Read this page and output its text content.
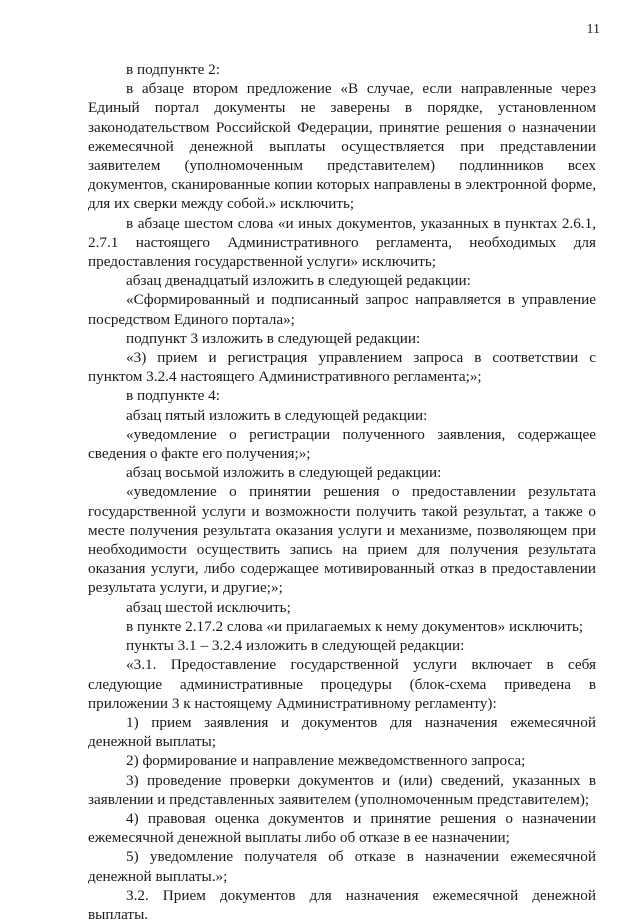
11

в подпункте 2:

в абзаце втором предложение «В случае, если направленные через Единый портал документы не заверены в порядке, установленном законодательством Российской Федерации, принятие решения о назначении ежемесячной денежной выплаты осуществляется при представлении заявителем (уполномоченным представителем) подлинников всех документов, сканированные копии которых направлены в электронной форме, для их сверки между собой.» исключить;

в абзаце шестом слова «и иных документов, указанных в пунктах 2.6.1, 2.7.1 настоящего Административного регламента, необходимых для предоставления государственной услуги» исключить;

абзац двенадцатый изложить в следующей редакции:

«Сформированный и подписанный запрос направляется в управление посредством Единого портала»;

подпункт 3 изложить в следующей редакции:

«3) прием и регистрация управлением запроса в соответствии с пунктом 3.2.4 настоящего Административного регламента;»;

в подпункте 4:

абзац пятый изложить в следующей редакции:

«уведомление о регистрации полученного заявления, содержащее сведения о факте его получения;»;

абзац восьмой изложить в следующей редакции:

«уведомление о принятии решения о предоставлении результата государственной услуги и возможности получить такой результат, а также о месте получения результата оказания услуги и механизме, позволяющем при необходимости осуществить запись на прием для получения результата оказания услуги, либо содержащее мотивированный отказ в предоставлении результата услуги, и другие;»;

абзац шестой исключить;

в пункте 2.17.2 слова «и прилагаемых к нему документов» исключить;

пункты 3.1 – 3.2.4 изложить в следующей редакции:

«3.1. Предоставление государственной услуги включает в себя следующие административные процедуры (блок-схема приведена в приложении 3 к настоящему Административному регламенту):

1) прием заявления и документов для назначения ежемесячной денежной выплаты;

2) формирование и направление межведомственного запроса;

3) проведение проверки документов и (или) сведений, указанных в заявлении и представленных заявителем (уполномоченным представителем);

4) правовая оценка документов и принятие решения о назначении ежемесячной денежной выплаты либо об отказе в ее назначении;

5) уведомление получателя об отказе в назначении ежемесячной денежной выплаты.»;

3.2. Прием документов для назначения ежемесячной денежной выплаты.
